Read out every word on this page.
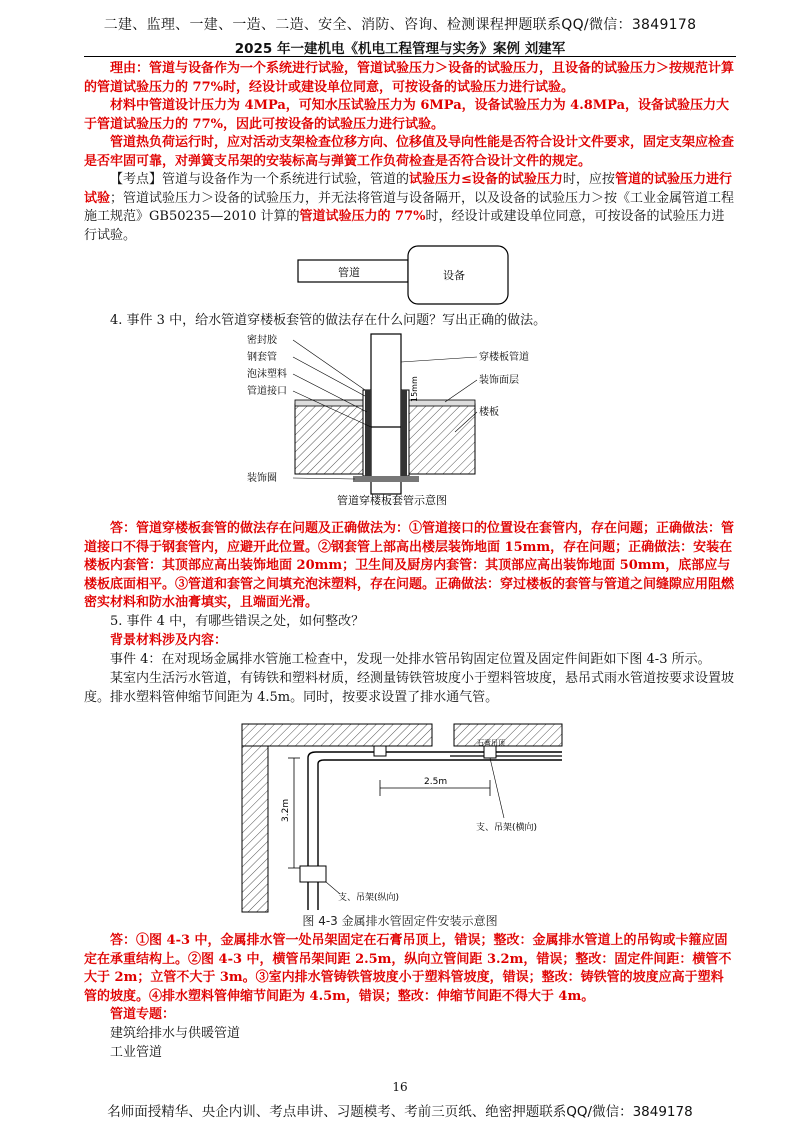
二建、监理、一建、一造、二造、安全、消防、咨询、检测课程押题联系QQ/微信：3849178
2025 年一建机电《机电工程管理与实务》案例 刘建军

理由：管道与设备作为一个系统进行试验，管道试验压力＞设备的试验压力，且设备的试验压力＞按规范计算的管道试验压力的 77%时，经设计或建设单位同意，可按设备的试验压力进行试验。

材料中管道设计压力为 4MPa，可知水压试验压力为 6MPa，设备试验压力为 4.8MPa，设备试验压力大于管道试验压力的 77%，因此可按设备的试验压力进行试验。

管道热负荷运行时，应对活动支架检查位移方向、位移值及导向性能是否符合设计文件要求，固定支架应检查是否牢固可靠，对弹簧支吊架的安装标高与弹簧工作负荷检查是否符合设计文件的规定。

【考点】管道与设备作为一个系统进行试验，管道的试验压力≤设备的试验压力时，应按管道的试验压力进行试验；管道试验压力＞设备的试验压力，并无法将管道与设备隔开，以及设备的试验压力＞按《工业金属管道工程施工规范》GB50235—2010 计算的管道试验压力的 77%时，经设计或建设单位同意，可按设备的试验压力进行试验。

管道	设备

4. 事件 3 中，给水管道穿楼板套管的做法存在什么问题？写出正确的做法。

密封胶
钢套管
泡沫塑料
管道接口
装饰圈
穿楼板管道
装饰面层
楼板
15mm
管道穿楼板套管示意图

答：管道穿楼板套管的做法存在问题及正确做法为：①管道接口的位置设在套管内，存在问题；正确做法：管道接口不得于钢套管内，应避开此位置。②钢套管上部高出楼层装饰地面 15mm，存在问题；正确做法：安装在楼板内套管：其顶部应高出装饰地面 20mm；卫生间及厨房内套管：其顶部应高出装饰地面 50mm，底部应与楼板底面相平。③管道和套管之间填充泡沫塑料，存在问题。正确做法：穿过楼板的套管与管道之间缝隙应用阻燃密实材料和防水油膏填实，且端面光滑。

5. 事件 4 中，有哪些错误之处，如何整改？

背景材料涉及内容：

事件 4：在对现场金属排水管施工检查中，发现一处排水管吊钩固定位置及固定件间距如下图 4-3 所示。

某室内生活污水管道，有铸铁和塑料材质，经测量铸铁管坡度小于塑料管坡度，悬吊式雨水管道按要求设置坡度。排水塑料管伸缩节间距为 4.5m。同时，按要求设置了排水通气管。

石膏吊顶
2.5m
3.2m
支、吊架(横向)
支、吊架(纵向)
图 4-3 金属排水管固定件安装示意图

答：①图 4-3 中，金属排水管一处吊架固定在石膏吊顶上，错误；整改：金属排水管道上的吊钩或卡箍应固定在承重结构上。②图 4-3 中，横管吊架间距 2.5m，纵向立管间距 3.2m，错误；整改：固定件间距：横管不大于 2m；立管不大于 3m。③室内排水管铸铁管坡度小于塑料管坡度，错误；整改：铸铁管的坡度应高于塑料管的坡度。④排水塑料管伸缩节间距为 4.5m，错误；整改：伸缩节间距不得大于 4m。

管道专题：

建筑给排水与供暖管道

工业管道

16
名师面授精华、央企内训、考点串讲、习题模考、考前三页纸、绝密押题联系QQ/微信：3849178
